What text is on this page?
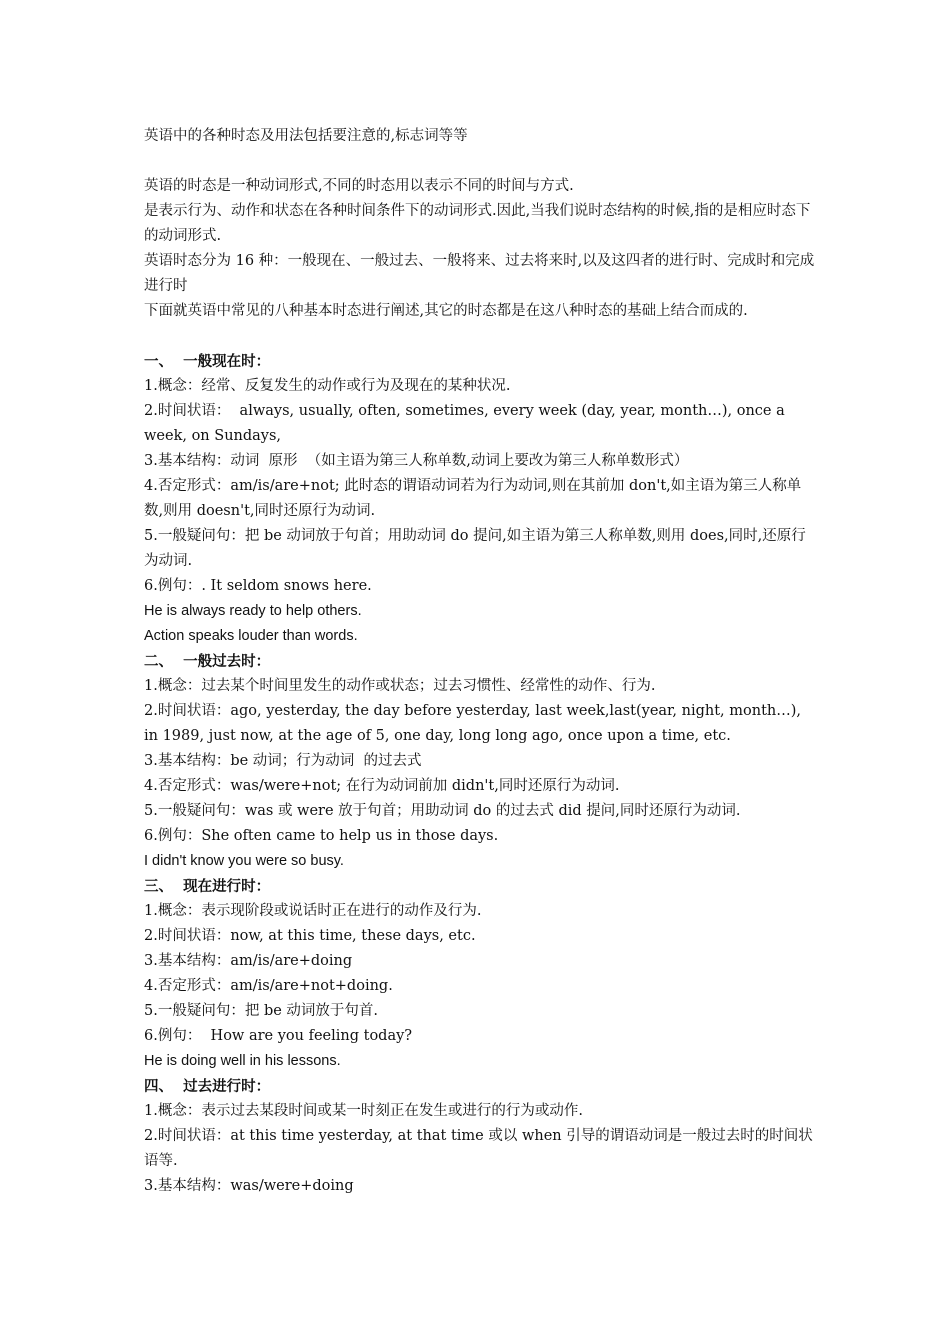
英语中的各种时态及用法包括要注意的,标志词等等

英语的时态是一种动词形式,不同的时态用以表示不同的时间与方式.

是表示行为、动作和状态在各种时间条件下的动词形式.因此,当我们说时态结构的时候,指的是相应时态下的动词形式.

英语时态分为 16 种：一般现在、一般过去、一般将来、过去将来时,以及这四者的进行时、完成时和完成进行时

下面就英语中常见的八种基本时态进行阐述,其它的时态都是在这八种时态的基础上结合而成的.

一、  一般现在时：

1.概念：经常、反复发生的动作或行为及现在的某种状况.

2.时间状语：  always, usually, often, sometimes, every week (day, year, month…), once a week, on Sundays,

3.基本结构：动词  原形  （如主语为第三人称单数,动词上要改为第三人称单数形式）

4.否定形式：am/is/are+not; 此时态的谓语动词若为行为动词,则在其前加 don't,如主语为第三人称单数,则用 doesn't,同时还原行为动词.

5.一般疑问句：把 be 动词放于句首；用助动词 do 提问,如主语为第三人称单数,则用 does,同时,还原行为动词.

6.例句：. It seldom snows here.

He is always ready to help others.

Action speaks louder than words.

二、  一般过去时：

1.概念：过去某个时间里发生的动作或状态；过去习惯性、经常性的动作、行为.

2.时间状语：ago, yesterday, the day before yesterday, last week,last(year, night, month…), in 1989, just now, at the age of 5, one day, long long ago, once upon a time, etc.

3.基本结构：be 动词；行为动词  的过去式

4.否定形式：was/were+not; 在行为动词前加 didn't,同时还原行为动词.

5.一般疑问句：was 或 were 放于句首；用助动词 do 的过去式 did 提问,同时还原行为动词.

6.例句：She often came to help us in those days.

I didn't know you were so busy.

三、  现在进行时：

1.概念：表示现阶段或说话时正在进行的动作及行为.

2.时间状语：now, at this time, these days, etc.

3.基本结构：am/is/are+doing

4.否定形式：am/is/are+not+doing.

5.一般疑问句：把 be 动词放于句首.

6.例句：  How are you feeling today?

He is doing well in his lessons.

四、  过去进行时：

1.概念：表示过去某段时间或某一时刻正在发生或进行的行为或动作.

2.时间状语：at this time yesterday, at that time 或以 when 引导的谓语动词是一般过去时的时间状语等.

3.基本结构：was/were+doing
